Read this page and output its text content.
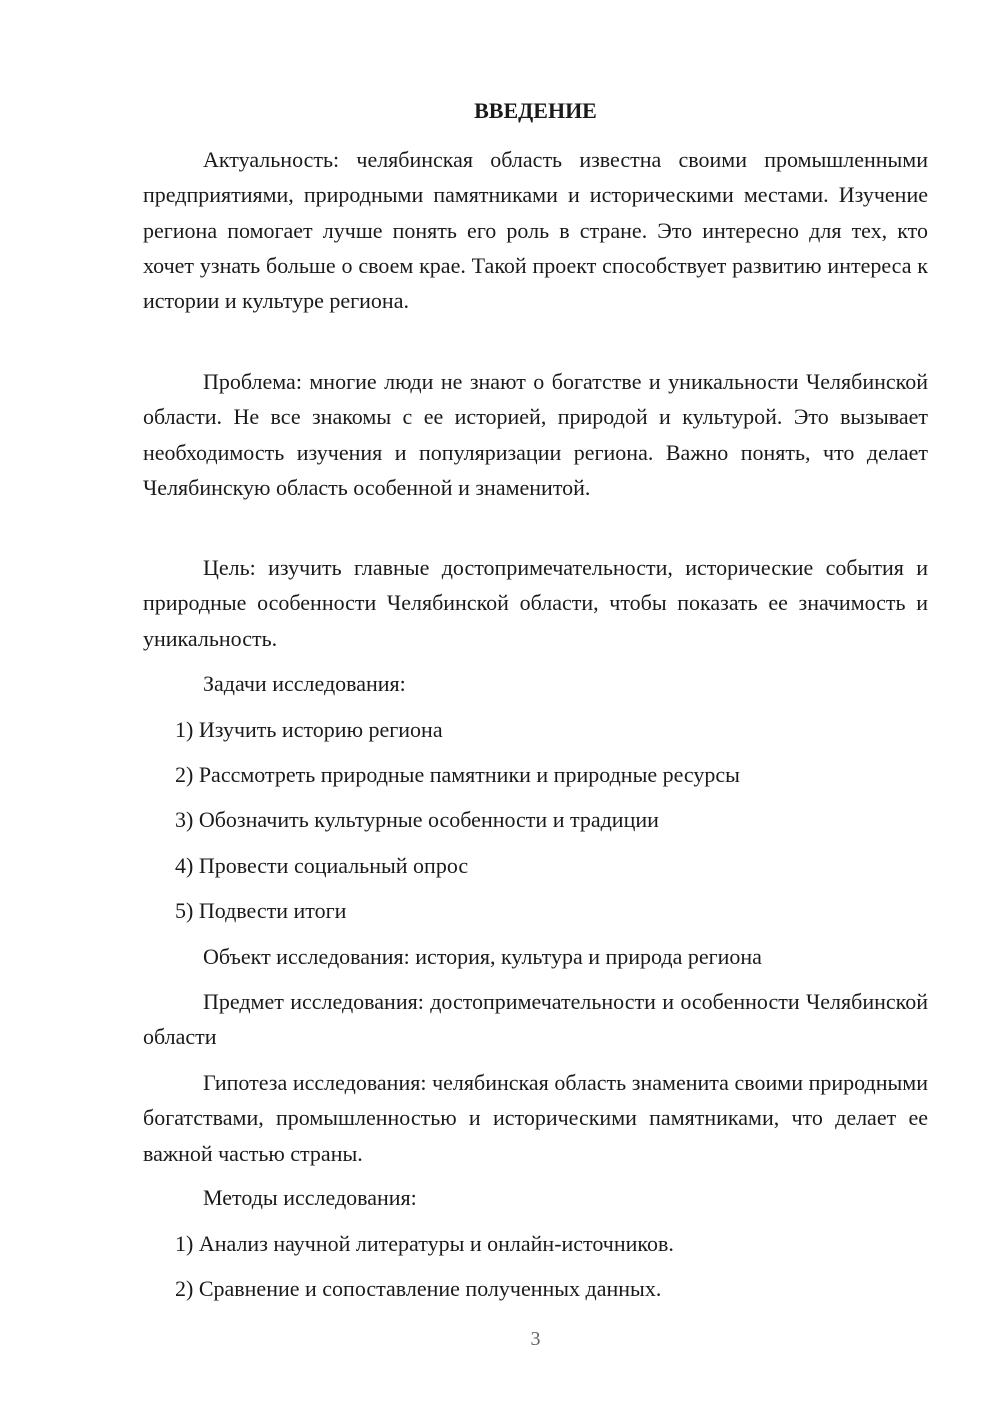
ВВЕДЕНИЕ

Актуальность: челябинская область известна своими промышленными предприятиями, природными памятниками и историческими местами. Изучение региона помогает лучше понять его роль в стране. Это интересно для тех, кто хочет узнать больше о своем крае. Такой проект способствует развитию интереса к истории и культуре региона.

Проблема: многие люди не знают о богатстве и уникальности Челябинской области. Не все знакомы с ее историей, природой и культурой. Это вызывает необходимость изучения и популяризации региона. Важно понять, что делает Челябинскую область особенной и знаменитой.

Цель: изучить главные достопримечательности, исторические события и природные особенности Челябинской области, чтобы показать ее значимость и уникальность.

Задачи исследования:
1) Изучить историю региона
2) Рассмотреть природные памятники и природные ресурсы
3) Обозначить культурные особенности и традиции
4) Провести социальный опрос
5) Подвести итоги
Объект исследования: история, культура и природа региона

Предмет исследования: достопримечательности и особенности Челябинской области

Гипотеза исследования: челябинская область знаменита своими природными богатствами, промышленностью и историческими памятниками, что делает ее важной частью страны.

Методы исследования:
1) Анализ научной литературы и онлайн-источников.
2) Сравнение и сопоставление полученных данных.
3
